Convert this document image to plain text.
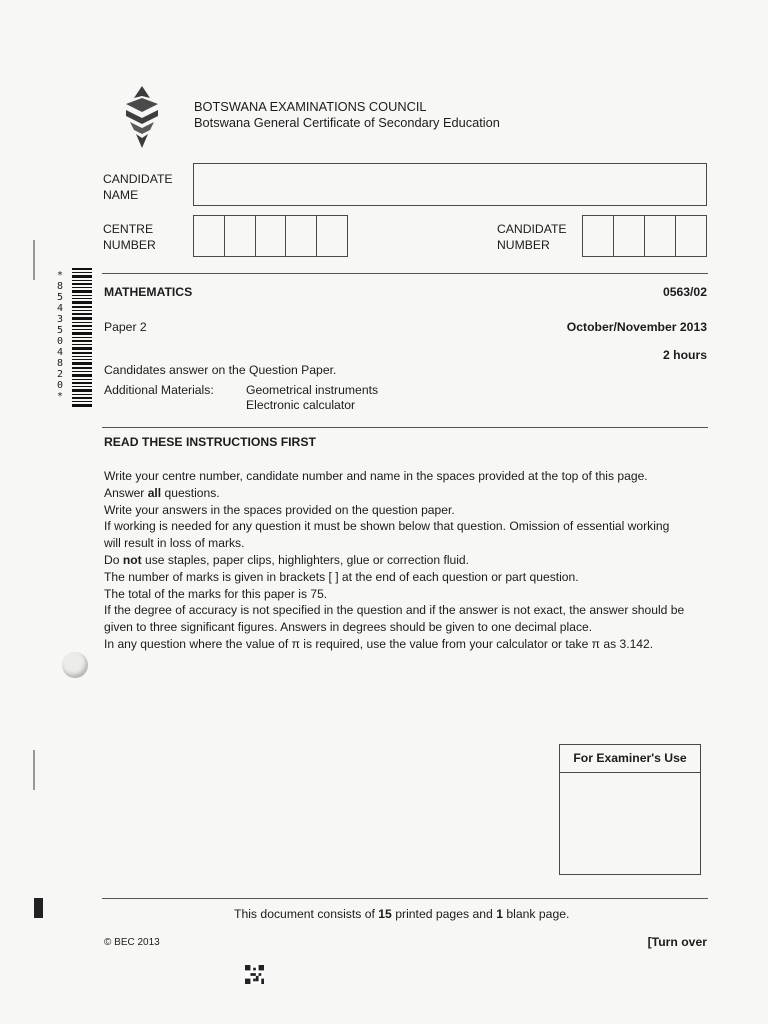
BOTSWANA EXAMINATIONS COUNCIL
Botswana General Certificate of Secondary Education
CANDIDATE
NAME
CENTRE
NUMBER
CANDIDATE
NUMBER
*
8
5
4
3
5
0
4
8
2
0
*
MATHEMATICS	0563/02
Paper 2	October/November 2013
2 hours
Candidates answer on the Question Paper.
Additional Materials:	Geometrical instruments
Electronic calculator
READ THESE INSTRUCTIONS FIRST
Write your centre number, candidate number and name in the spaces provided at the top of this page.
Answer all questions.
Write your answers in the spaces provided on the question paper.
If working is needed for any question it must be shown below that question. Omission of essential working
will result in loss of marks.
Do not use staples, paper clips, highlighters, glue or correction fluid.
The number of marks is given in brackets [ ] at the end of each question or part question.
The total of the marks for this paper is 75.
If the degree of accuracy is not specified in the question and if the answer is not exact, the answer should be
given to three significant figures. Answers in degrees should be given to one decimal place.
In any question where the value of π is required, use the value from your calculator or take π as 3.142.
For Examiner's Use
This document consists of 15 printed pages and 1 blank page.
© BEC 2013	[Turn over
